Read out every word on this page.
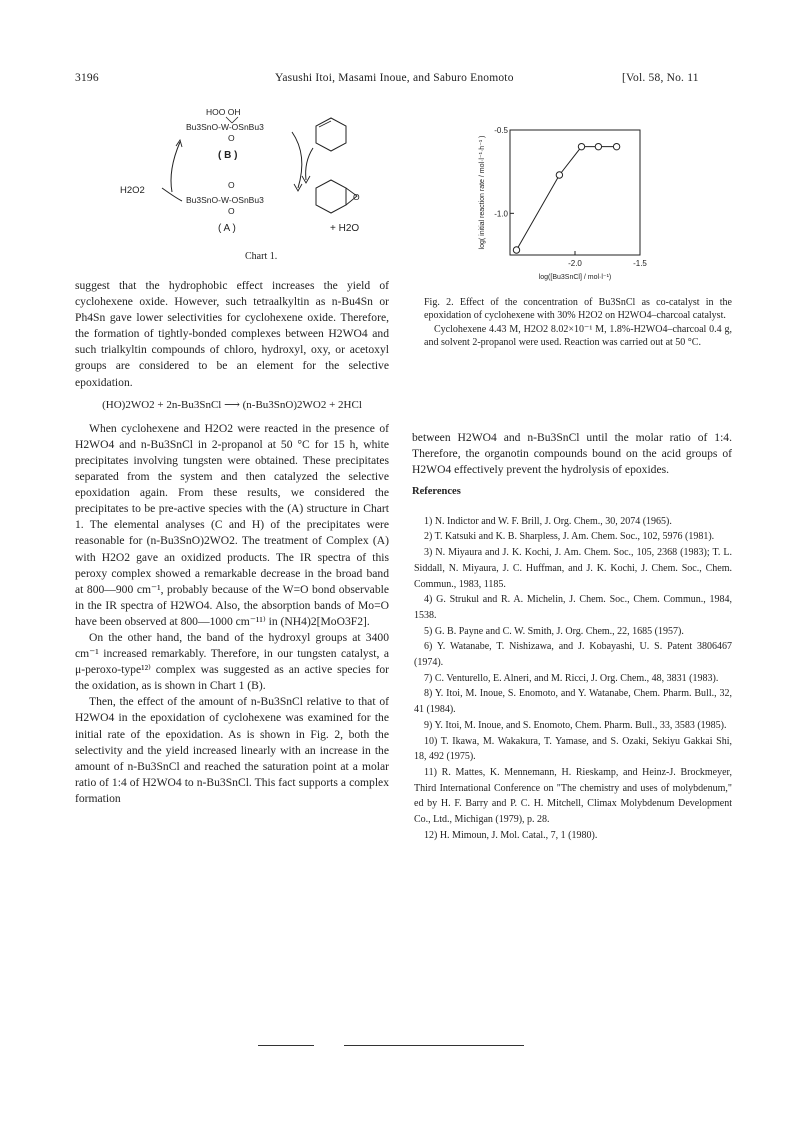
3196	Yasushi Itoi, Masami Inoue, and Saburo Enomoto	[Vol. 58, No. 11
HOO OH
Bu3SnO-W-OSnBu3
O
( B )
H2O2	O
Bu3SnO-W-OSnBu3
O
( A )
O
+ H2O
Chart 1.

suggest that the hydrophobic effect increases the yield of cyclohexene oxide. However, such tetraalkyltin as n-Bu4Sn or Ph4Sn gave lower selectivities for cyclohexene oxide. Therefore, the formation of tightly-bonded complexes between H2WO4 and such trialkyltin compounds of chloro, hydroxyl, oxy, or acetoxyl groups are considered to be an element for the selective epoxidation.

(HO)2WO2 + 2n-Bu3SnCl ⟶ (n-Bu3SnO)2WO2 + 2HCl

When cyclohexene and H2O2 were reacted in the presence of H2WO4 and n-Bu3SnCl in 2-propanol at 50 °C for 15 h, white precipitates involving tungsten were obtained. These precipitates separated from the system and then catalyzed the selective epoxidation again. From these results, we considered the precipitates to be pre-active species with the (A) structure in Chart 1. The elemental analyses (C and H) of the precipitates were reasonable for (n-Bu3SnO)2WO2. The treatment of Complex (A) with H2O2 gave an oxidized products. The IR spectra of this peroxy complex showed a remarkable decrease in the broad band at 800—900 cm⁻¹, probably because of the W=O bond observable in the IR spectra of H2WO4. Also, the absorption bands of Mo=O have been observed at 800—1000 cm⁻¹¹⁾ in (NH4)2[MoO3F2].

On the other hand, the band of the hydroxyl groups at 3400 cm⁻¹ increased remarkably. Therefore, in our tungsten catalyst, a μ-peroxo-type¹²⁾ complex was suggested as an active species for the oxidation, as is shown in Chart 1 (B).

Then, the effect of the amount of n-Bu3SnCl relative to that of H2WO4 in the epoxidation of cyclohexene was examined for the initial rate of the epoxidation. As is shown in Fig. 2, both the selectivity and the yield increased linearly with an increase in the amount of n-Bu3SnCl and reached the saturation point at a molar ratio of 1:4 of H2WO4 to n-Bu3SnCl. This fact supports a complex formation

-2.0	-1.5
-0.5
-1.0
log([Bu3SnCl] / mol·l⁻¹)
log( initial reaction rate / mol·l⁻¹·h⁻¹ )
Fig. 2. Effect of the concentration of Bu3SnCl as co-catalyst in the epoxidation of cyclohexene with 30% H2O2 on H2WO4–charcoal catalyst.
Cyclohexene 4.43 M, H2O2 8.02×10⁻¹ M, 1.8%-H2WO4–charcoal 0.4 g, and solvent 2-propanol were used. Reaction was carried out at 50 °C.

between H2WO4 and n-Bu3SnCl until the molar ratio of 1:4. Therefore, the organotin compounds bound on the acid groups of H2WO4 effectively prevent the hydrolysis of epoxides.

References
1) N. Indictor and W. F. Brill, J. Org. Chem., 30, 2074 (1965).
2) T. Katsuki and K. B. Sharpless, J. Am. Chem. Soc., 102, 5976 (1981).
3) N. Miyaura and J. K. Kochi, J. Am. Chem. Soc., 105, 2368 (1983); T. L. Siddall, N. Miyaura, J. C. Huffman, and J. K. Kochi, J. Chem. Soc., Chem. Commun., 1983, 1185.
4) G. Strukul and R. A. Michelin, J. Chem. Soc., Chem. Commun., 1984, 1538.
5) G. B. Payne and C. W. Smith, J. Org. Chem., 22, 1685 (1957).
6) Y. Watanabe, T. Nishizawa, and J. Kobayashi, U. S. Patent 3806467 (1974).
7) C. Venturello, E. Alneri, and M. Ricci, J. Org. Chem., 48, 3831 (1983).
8) Y. Itoi, M. Inoue, S. Enomoto, and Y. Watanabe, Chem. Pharm. Bull., 32, 41 (1984).
9) Y. Itoi, M. Inoue, and S. Enomoto, Chem. Pharm. Bull., 33, 3583 (1985).
10) T. Ikawa, M. Wakakura, T. Yamase, and S. Ozaki, Sekiyu Gakkai Shi, 18, 492 (1975).
11) R. Mattes, K. Mennemann, H. Rieskamp, and Heinz-J. Brockmeyer, Third International Conference on "The chemistry and uses of molybdenum," ed by H. F. Barry and P. C. H. Mitchell, Climax Molybdenum Development Co., Ltd., Michigan (1979), p. 28.
12) H. Mimoun, J. Mol. Catal., 7, 1 (1980).
